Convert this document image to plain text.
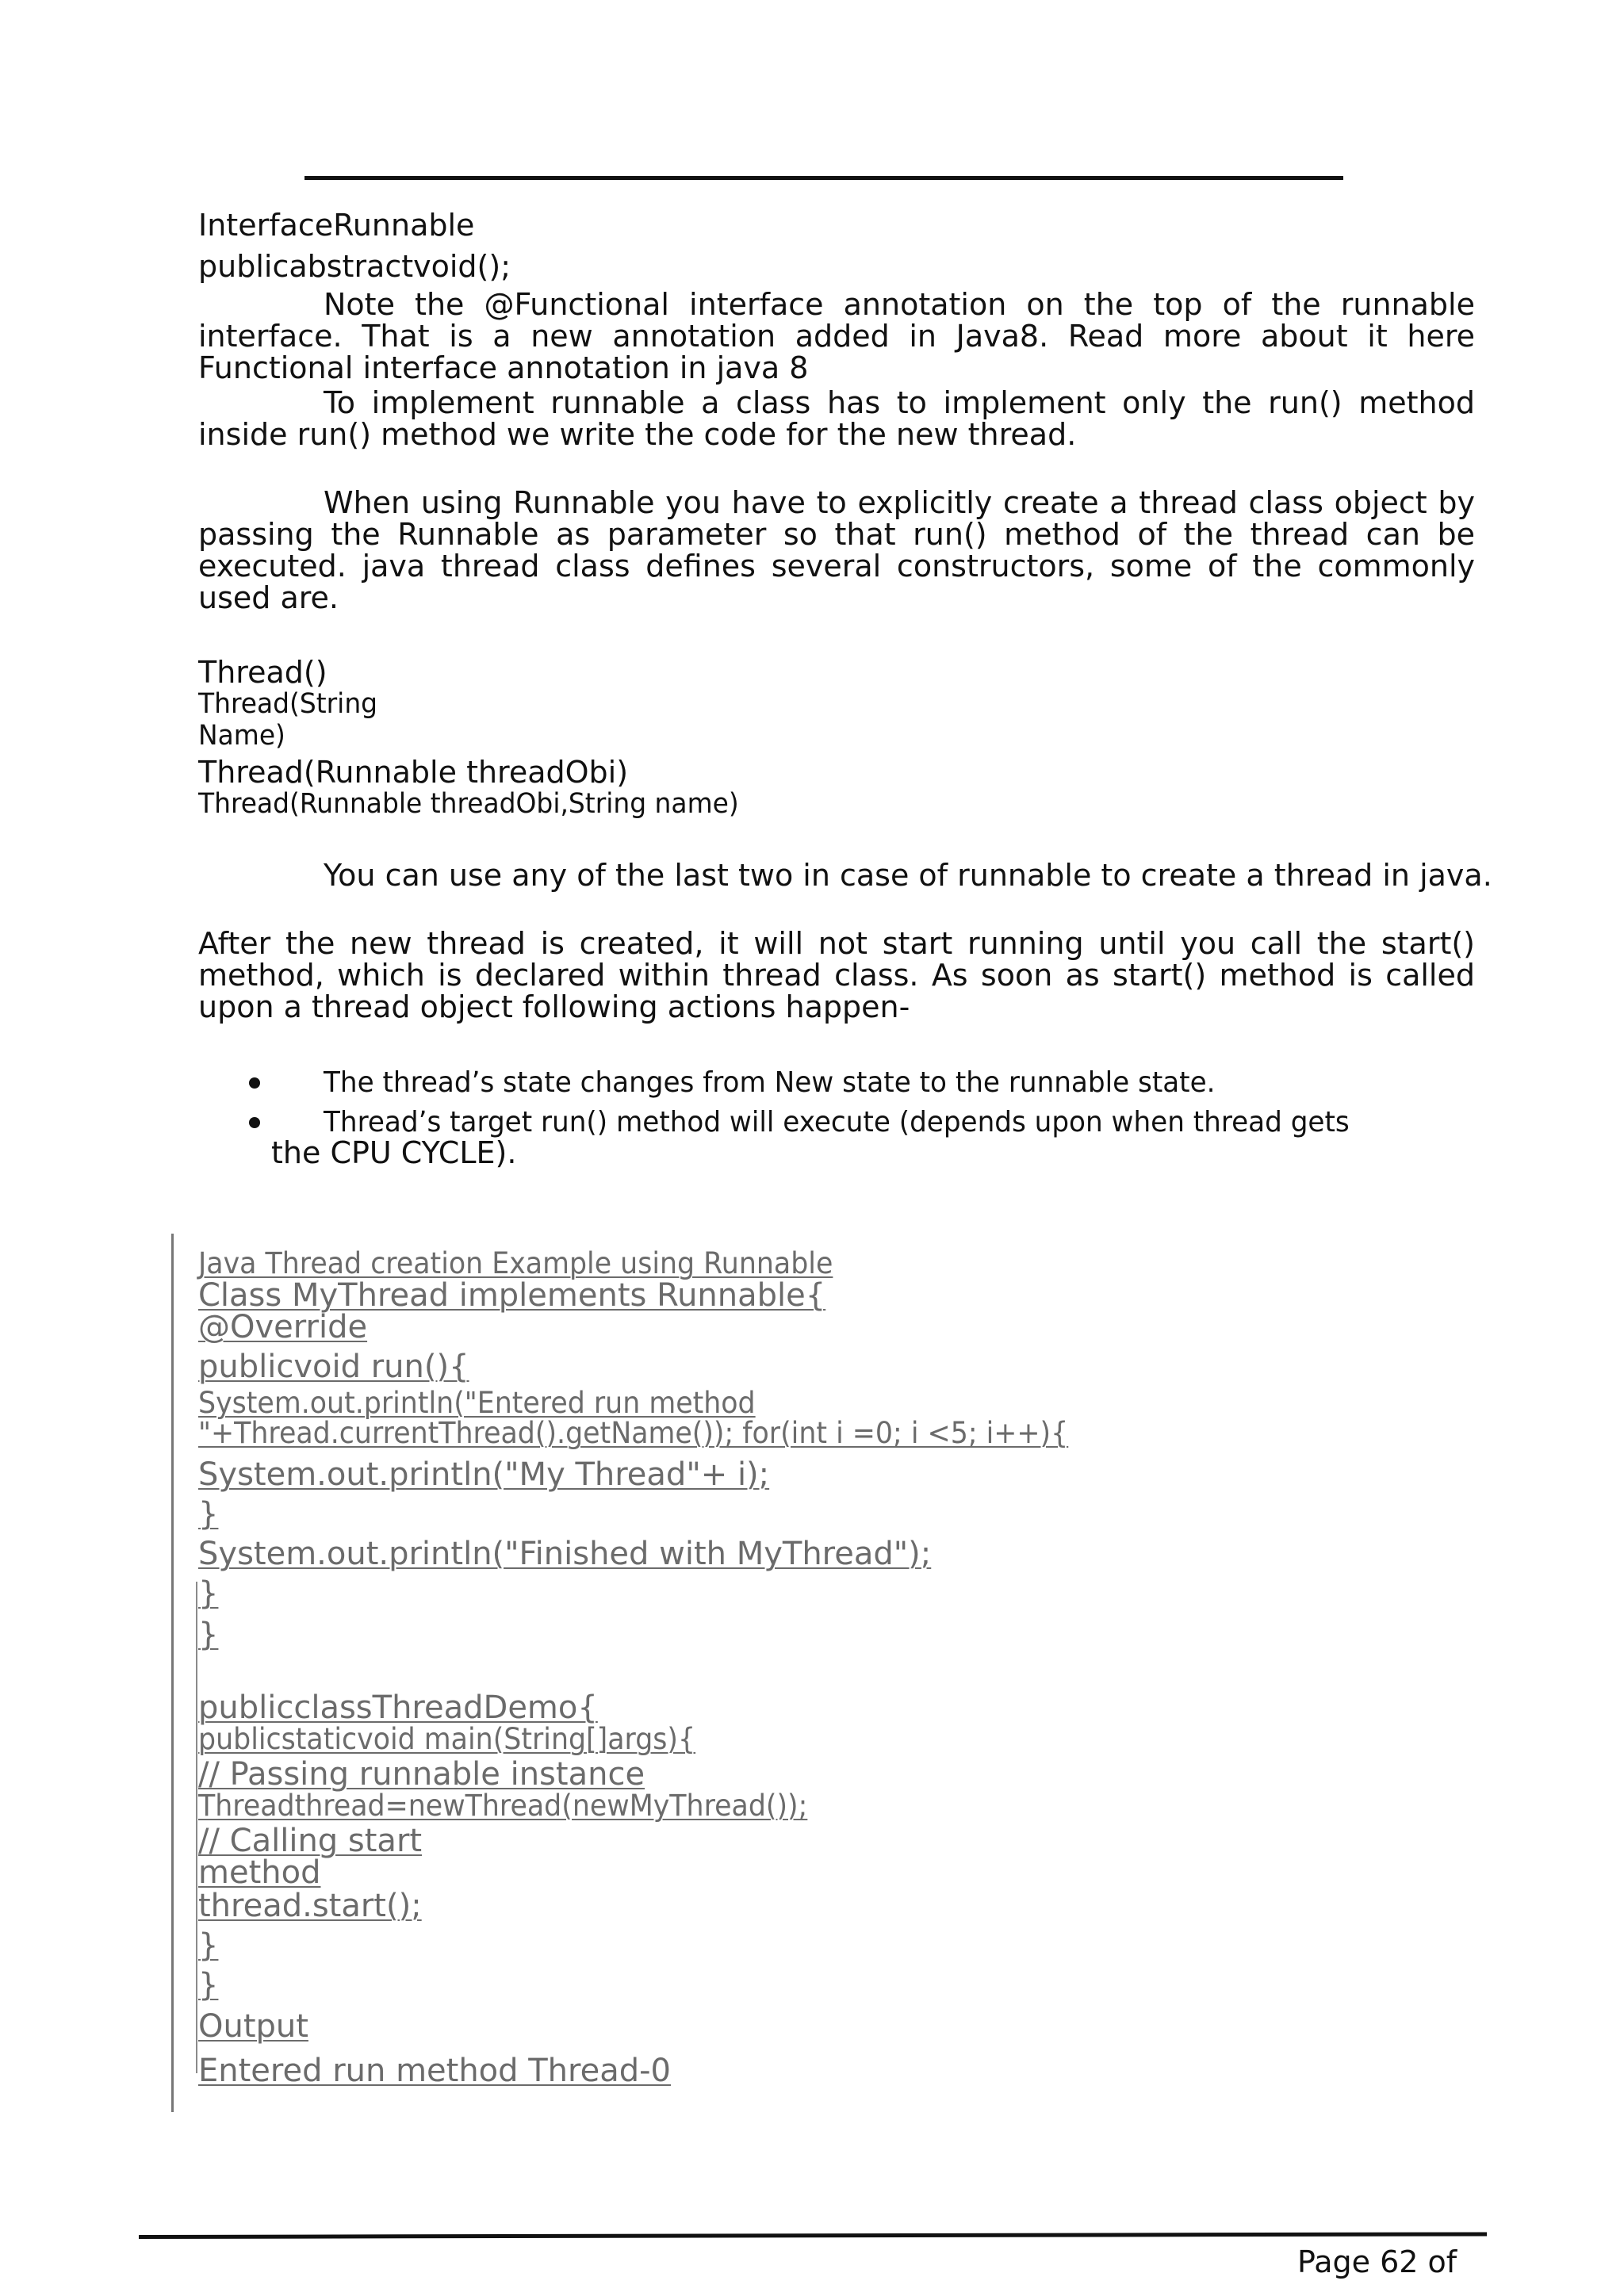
InterfaceRunnable
publicabstractvoid();
Note the @Functional interface annotation on the top of the runnable interface. That is a new annotation added in Java8. Read more about it here Functional interface annotation in java 8
To implement runnable a class has to implement only the run() method inside run() method we write the code for the new thread.
When using Runnable you have to explicitly create a thread class object by passing the Runnable as parameter so that run() method of the thread can be executed. java thread class defines several constructors, some of the commonly used are.
Thread()
Thread(String
Name)
Thread(Runnable threadObi)
Thread(Runnable threadObi,String name)
You can use any of the last two in case of runnable to create a thread in java.
After the new thread is created, it will not start running until you call the start() method, which is declared within thread class. As soon as start() method is called upon a thread object following actions happen-
The thread’s state changes from New state to the runnable state.
Thread’s target run() method will execute (depends upon when thread gets
the CPU CYCLE).
Java Thread creation Example using Runnable
Class MyThread implements Runnable{
@Override
publicvoid run(){
System.out.println("Entered run method
"+Thread.currentThread().getName()); for(int i =0; i <5; i++){
System.out.println("My Thread"+ i);
}
System.out.println("Finished with MyThread");
}
}
publicclassThreadDemo{
publicstaticvoid main(String[]args){
// Passing runnable instance
Threadthread=newThread(newMyThread());
// Calling start
method
thread.start();
}
}
Output
Entered run method Thread-0
Page 62 of
